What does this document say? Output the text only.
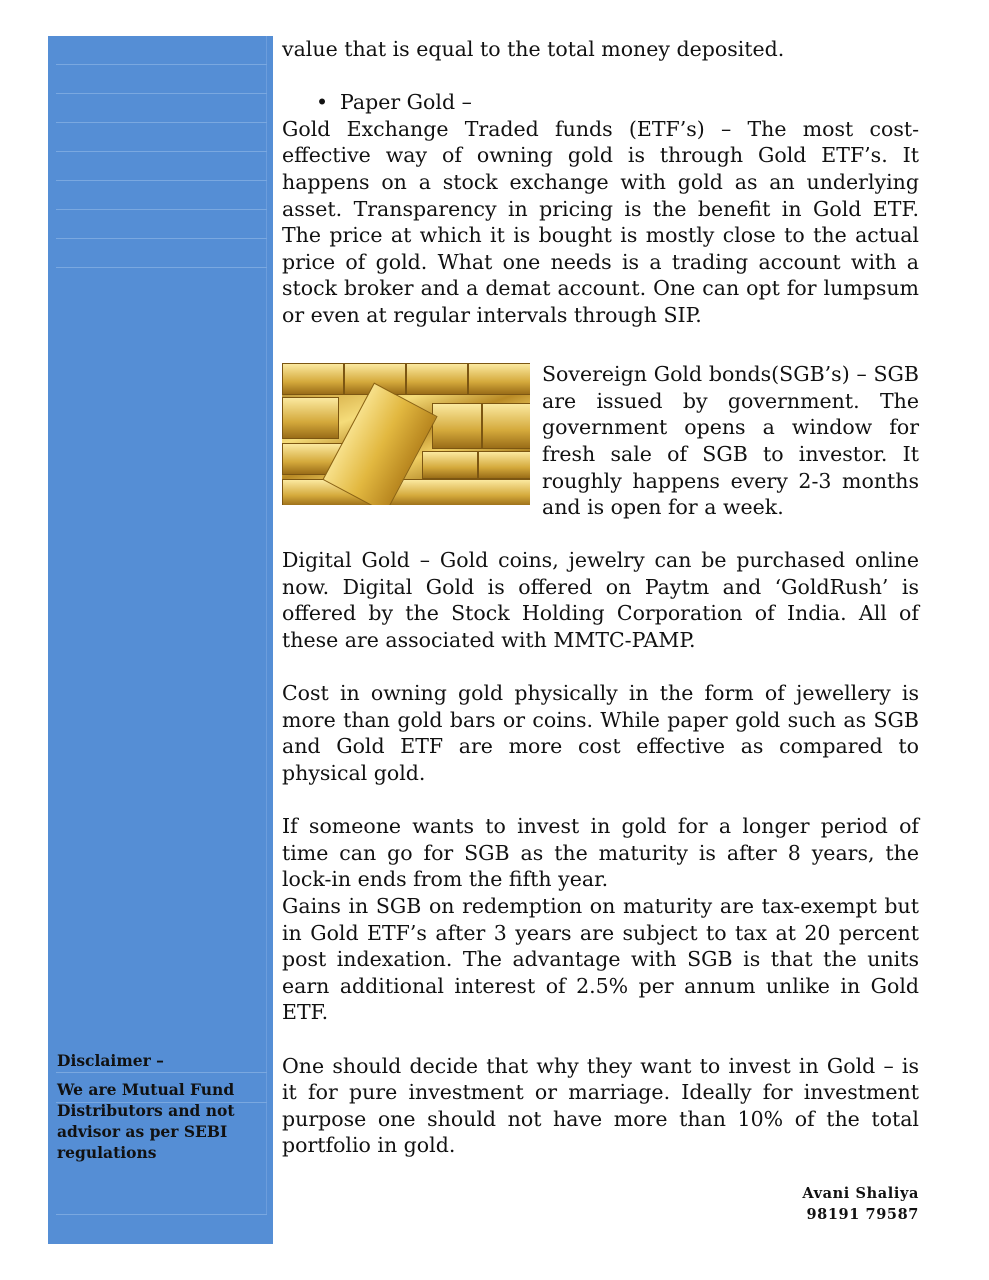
Disclaimer –
We are Mutual Fund Distributors and not advisor as per SEBI regulations

value that is equal to the total money deposited.

• Paper Gold –

Gold Exchange Traded funds (ETF’s) – The most cost-effective way of owning gold is through Gold ETF’s. It happens on a stock exchange with gold as an underlying asset. Transparency in pricing is the benefit in Gold ETF. The price at which it is bought is mostly close to the actual price of gold. What one needs is a trading account with a stock broker and a demat account. One can opt for lumpsum or even at regular intervals through SIP.

Sovereign Gold bonds(SGB’s) – SGB are issued by government. The government opens a window for fresh sale of SGB to investor. It roughly happens every 2-3 months and is open for a week.

Digital Gold – Gold coins, jewelry can be purchased online now. Digital Gold is offered on Paytm and ‘GoldRush’ is offered by the Stock Holding Corporation of India. All of these are associated with MMTC-PAMP.

Cost in owning gold physically in the form of jewellery is more than gold bars or coins. While paper gold such as SGB and Gold ETF are more cost effective as compared to physical gold.

If someone wants to invest in gold for a longer period of time can go for SGB as the maturity is after 8 years, the lock-in ends from the fifth year.

Gains in SGB on redemption on maturity are tax-exempt but in Gold ETF’s after 3 years are subject to tax at 20 percent post indexation. The advantage with SGB is that the units earn additional interest of 2.5% per annum unlike in Gold ETF.

One should decide that why they want to invest in Gold – is it for pure investment or marriage. Ideally for investment purpose one should not have more than 10% of the total portfolio in gold.

Avani Shaliya
98191 79587
